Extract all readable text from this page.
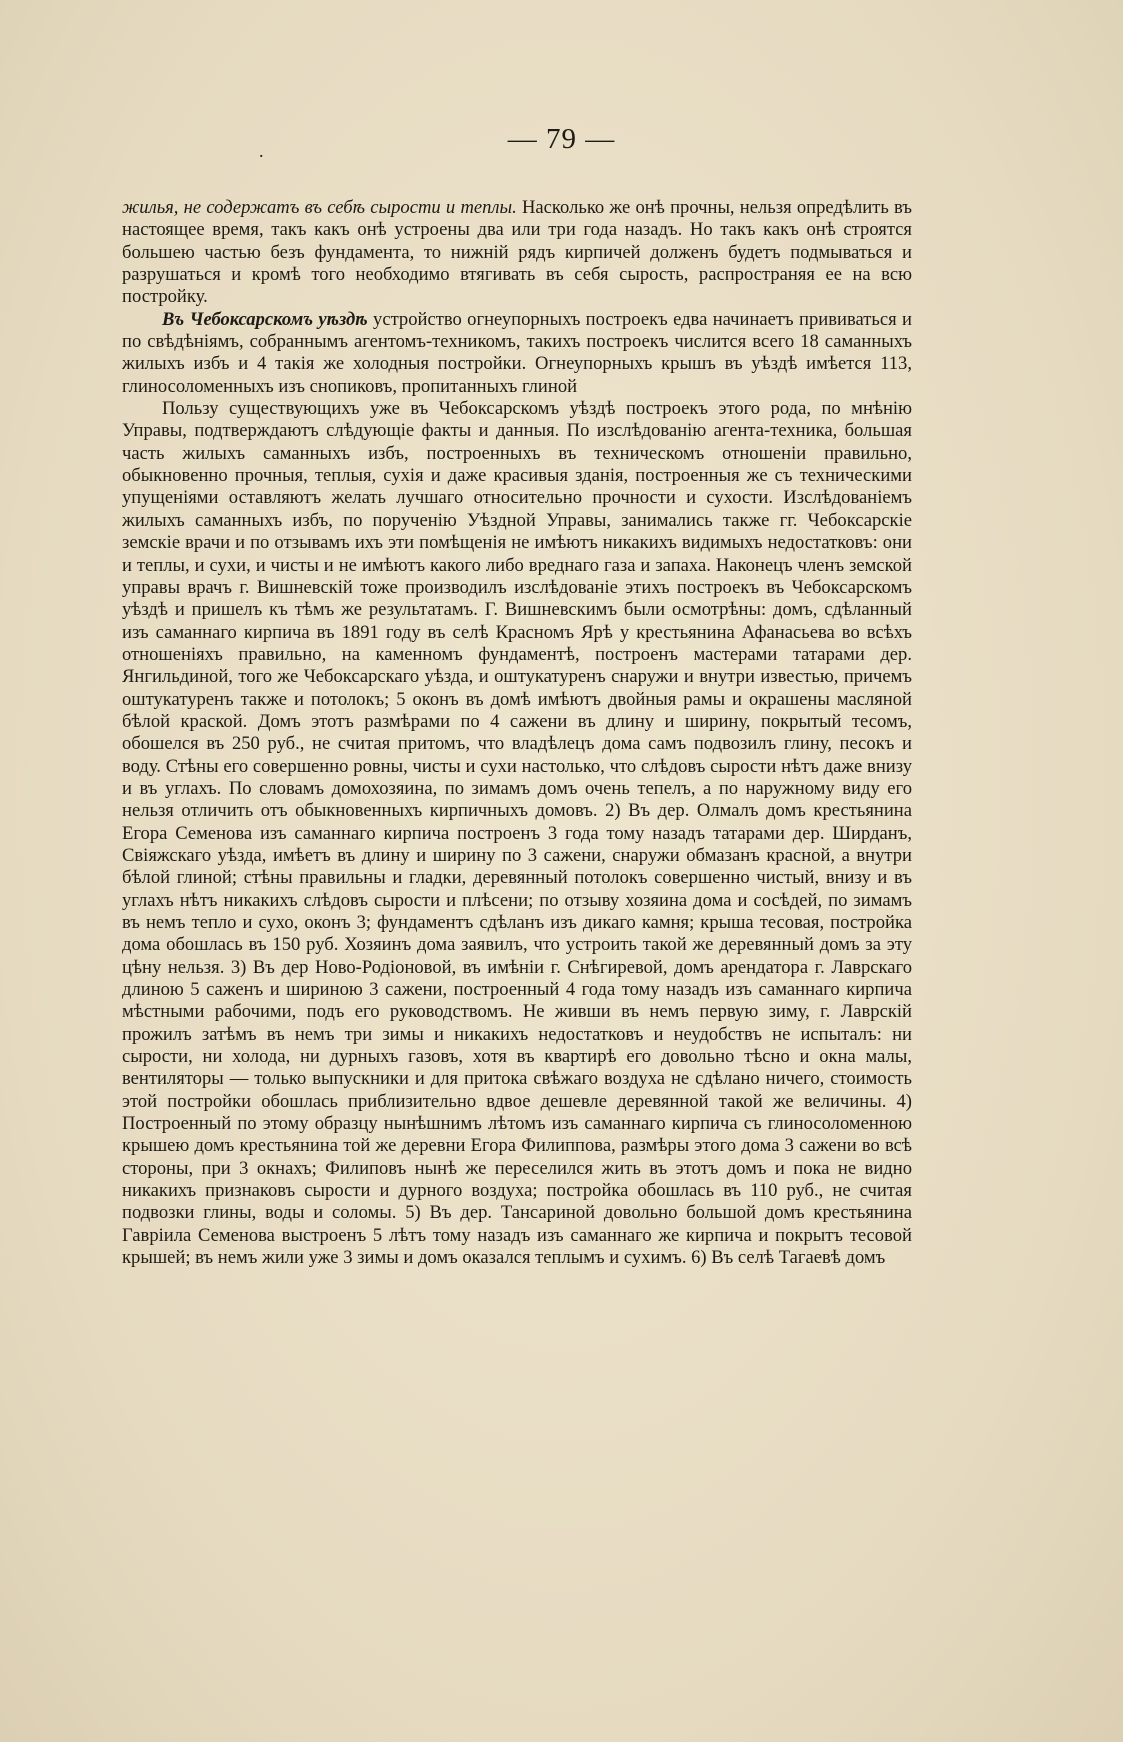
.	— 79 —

жилья, не содержатъ въ себѣ сырости и теплы. Насколько же онѣ прочны, нельзя опредѣлить въ настоящее время, такъ какъ онѣ устроены два или три года назадъ. Но такъ какъ онѣ строятся большею частью безъ фундамента, то нижній рядъ кирпичей долженъ будетъ подмываться и разрушаться и кромѣ того необходимо втягивать въ себя сырость, распространяя ее на всю постройку.

Въ Чебоксарскомъ уѣздѣ устройство огнеупорныхъ построекъ едва начинаетъ прививаться и по свѣдѣніямъ, собраннымъ агентомъ-техникомъ, такихъ построекъ числится всего 18 саманныхъ жилыхъ избъ и 4 такія же холодныя постройки. Огнеупорныхъ крышъ въ уѣздѣ имѣется 113, глиносоломенныхъ изъ снопиковъ, пропитанныхъ глиной

Пользу существующихъ уже въ Чебоксарскомъ уѣздѣ построекъ этого рода, по мнѣнію Управы, подтверждаютъ слѣдующіе факты и данныя. По изслѣдованію агента-техника, большая часть жилыхъ саманныхъ избъ, построенныхъ въ техническомъ отношеніи правильно, обыкновенно прочныя, теплыя, сухія и даже красивыя зданія, построенныя же съ техническими упущеніями оставляютъ желать лучшаго относительно прочности и сухости. Изслѣдованіемъ жилыхъ саманныхъ избъ, по порученію Уѣздной Управы, занимались также гг. Чебоксарскіе земскіе врачи и по отзывамъ ихъ эти помѣщенія не имѣютъ никакихъ видимыхъ недостатковъ: они и теплы, и сухи, и чисты и не имѣютъ какого либо вреднаго газа и запаха. Наконецъ членъ земской управы врачъ г. Вишневскій тоже производилъ изслѣдованіе этихъ построекъ въ Чебоксарскомъ уѣздѣ и пришелъ къ тѣмъ же результатамъ. Г. Вишневскимъ были осмотрѣны: домъ, сдѣланный изъ саманнаго кирпича въ 1891 году въ селѣ Красномъ Ярѣ у крестьянина Афанасьева во всѣхъ отношеніяхъ правильно, на каменномъ фундаментѣ, построенъ мастерами татарами дер. Янгильдиной, того же Чебоксарскаго уѣзда, и оштукатуренъ снаружи и внутри известью, причемъ оштукатуренъ также и потолокъ; 5 оконъ въ домѣ имѣютъ двойныя рамы и окрашены масляной бѣлой краской. Домъ этотъ размѣрами по 4 сажени въ длину и ширину, покрытый тесомъ, обошелся въ 250 руб., не считая притомъ, что владѣлецъ дома самъ подвозилъ глину, песокъ и воду. Стѣны его совершенно ровны, чисты и сухи настолько, что слѣдовъ сырости нѣтъ даже внизу и въ углахъ. По словамъ домохозяина, по зимамъ домъ очень тепелъ, а по наружному виду его нельзя отличить отъ обыкновенныхъ кирпичныхъ домовъ. 2) Въ дер. Олмалъ домъ крестьянина Егора Семенова изъ саманнаго кирпича построенъ 3 года тому назадъ татарами дер. Ширданъ, Свіяжскаго уѣзда, имѣетъ въ длину и ширину по 3 сажени, снаружи обмазанъ красной, а внутри бѣлой глиной; стѣны правильны и гладки, деревянный потолокъ совершенно чистый, внизу и въ углахъ нѣтъ никакихъ слѣдовъ сырости и плѣсени; по отзыву хозяина дома и сосѣдей, по зимамъ въ немъ тепло и сухо, оконъ 3; фундаментъ сдѣланъ изъ дикаго камня; крыша тесовая, постройка дома обошлась въ 150 руб. Хозяинъ дома заявилъ, что устроить такой же деревянный домъ за эту цѣну нельзя. 3) Въ дер Ново-Родіоновой, въ имѣніи г. Снѣгиревой, домъ арендатора г. Лаврскаго длиною 5 саженъ и шириною 3 сажени, построенный 4 года тому назадъ изъ саманнаго кирпича мѣстными рабочими, подъ его руководствомъ. Не живши въ немъ первую зиму, г. Лаврскій прожилъ затѣмъ въ немъ три зимы и никакихъ недостатковъ и неудобствъ не испыталъ: ни сырости, ни холода, ни дурныхъ газовъ, хотя въ квартирѣ его довольно тѣсно и окна малы, вентиляторы — только выпускники и для притока свѣжаго воздуха не сдѣлано ничего, стоимость этой постройки обошлась приблизительно вдвое дешевле деревянной такой же величины. 4) Построенный по этому образцу нынѣшнимъ лѣтомъ изъ саманнаго кирпича съ глиносоломенною крышею домъ крестьянина той же деревни Егора Филиппова, размѣры этого дома 3 сажени во всѣ стороны, при 3 окнахъ; Филиповъ нынѣ же переселился жить въ этотъ домъ и пока не видно никакихъ признаковъ сырости и дурного воздуха; постройка обошлась въ 110 руб., не считая подвозки глины, воды и соломы. 5) Въ дер. Тансариной довольно большой домъ крестьянина Гавріила Семенова выстроенъ 5 лѣтъ тому назадъ изъ саманнаго же кирпича и покрытъ тесовой крышей; въ немъ жили уже 3 зимы и домъ оказался теплымъ и сухимъ. 6) Въ селѣ Тагаевѣ домъ
